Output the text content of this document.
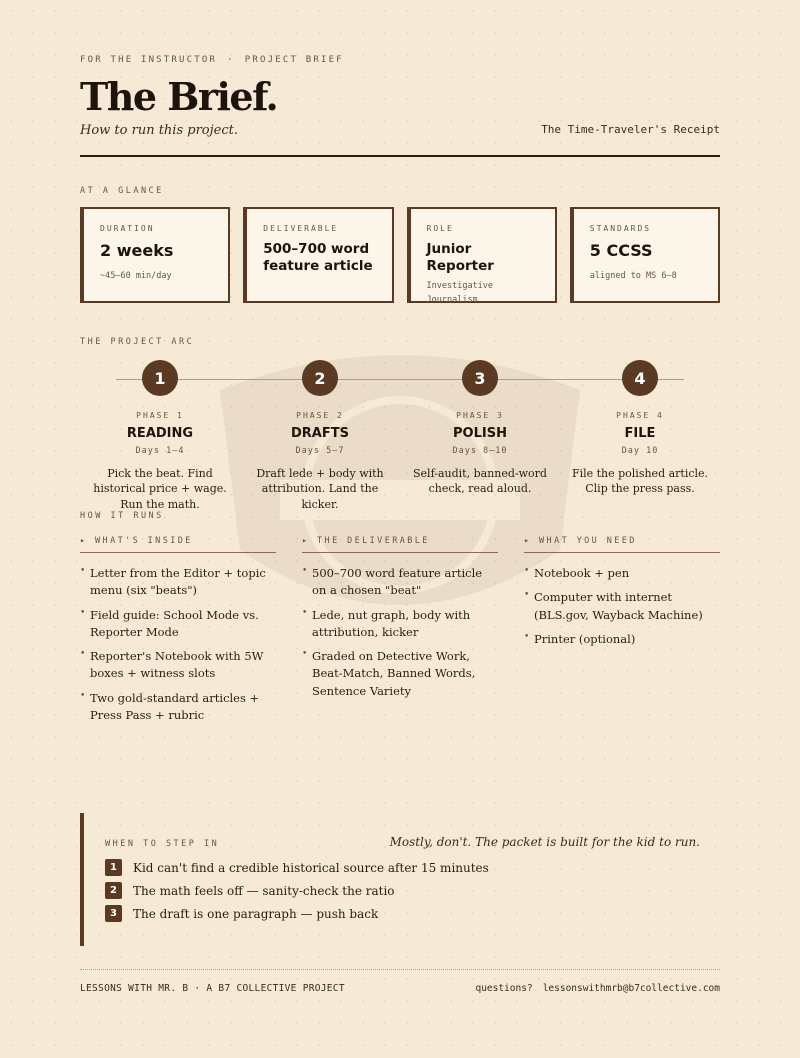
FOR THE INSTRUCTOR · PROJECT BRIEF
The Brief.
How to run this project.	The Time-Traveler's Receipt
AT A GLANCE
DURATION
2 weeks
~45–60 min/day
DELIVERABLE
500–700 word feature article
ROLE
Junior Reporter
Investigative Journalism
STANDARDS
5 CCSS
aligned to MS 6–8
THE PROJECT ARC
1
PHASE 1
READING
Days 1–4
Pick the beat. Find historical price + wage. Run the math.
2
PHASE 2
DRAFTS
Days 5–7
Draft lede + body with attribution. Land the kicker.
3
PHASE 3
POLISH
Days 8–10
Self-audit, banned-word check, read aloud.
4
PHASE 4
FILE
Day 10
File the polished article. Clip the press pass.
HOW IT RUNS
▸ WHAT'S INSIDE
• Letter from the Editor + topic menu (six "beats")
• Field guide: School Mode vs. Reporter Mode
• Reporter's Notebook with 5W boxes + witness slots
• Two gold-standard articles + Press Pass + rubric
▸ THE DELIVERABLE
• 500–700 word feature article on a chosen "beat"
• Lede, nut graph, body with attribution, kicker
• Graded on Detective Work, Beat-Match, Banned Words, Sentence Variety
▸ WHAT YOU NEED
• Notebook + pen
• Computer with internet (BLS.gov, Wayback Machine)
• Printer (optional)
WHEN TO STEP IN	Mostly, don't. The packet is built for the kid to run.
1	Kid can't find a credible historical source after 15 minutes
2	The math feels off — sanity-check the ratio
3	The draft is one paragraph — push back
LESSONS WITH MR. B · A B7 COLLECTIVE PROJECT	questions? lessonswithmrb@b7collective.com
